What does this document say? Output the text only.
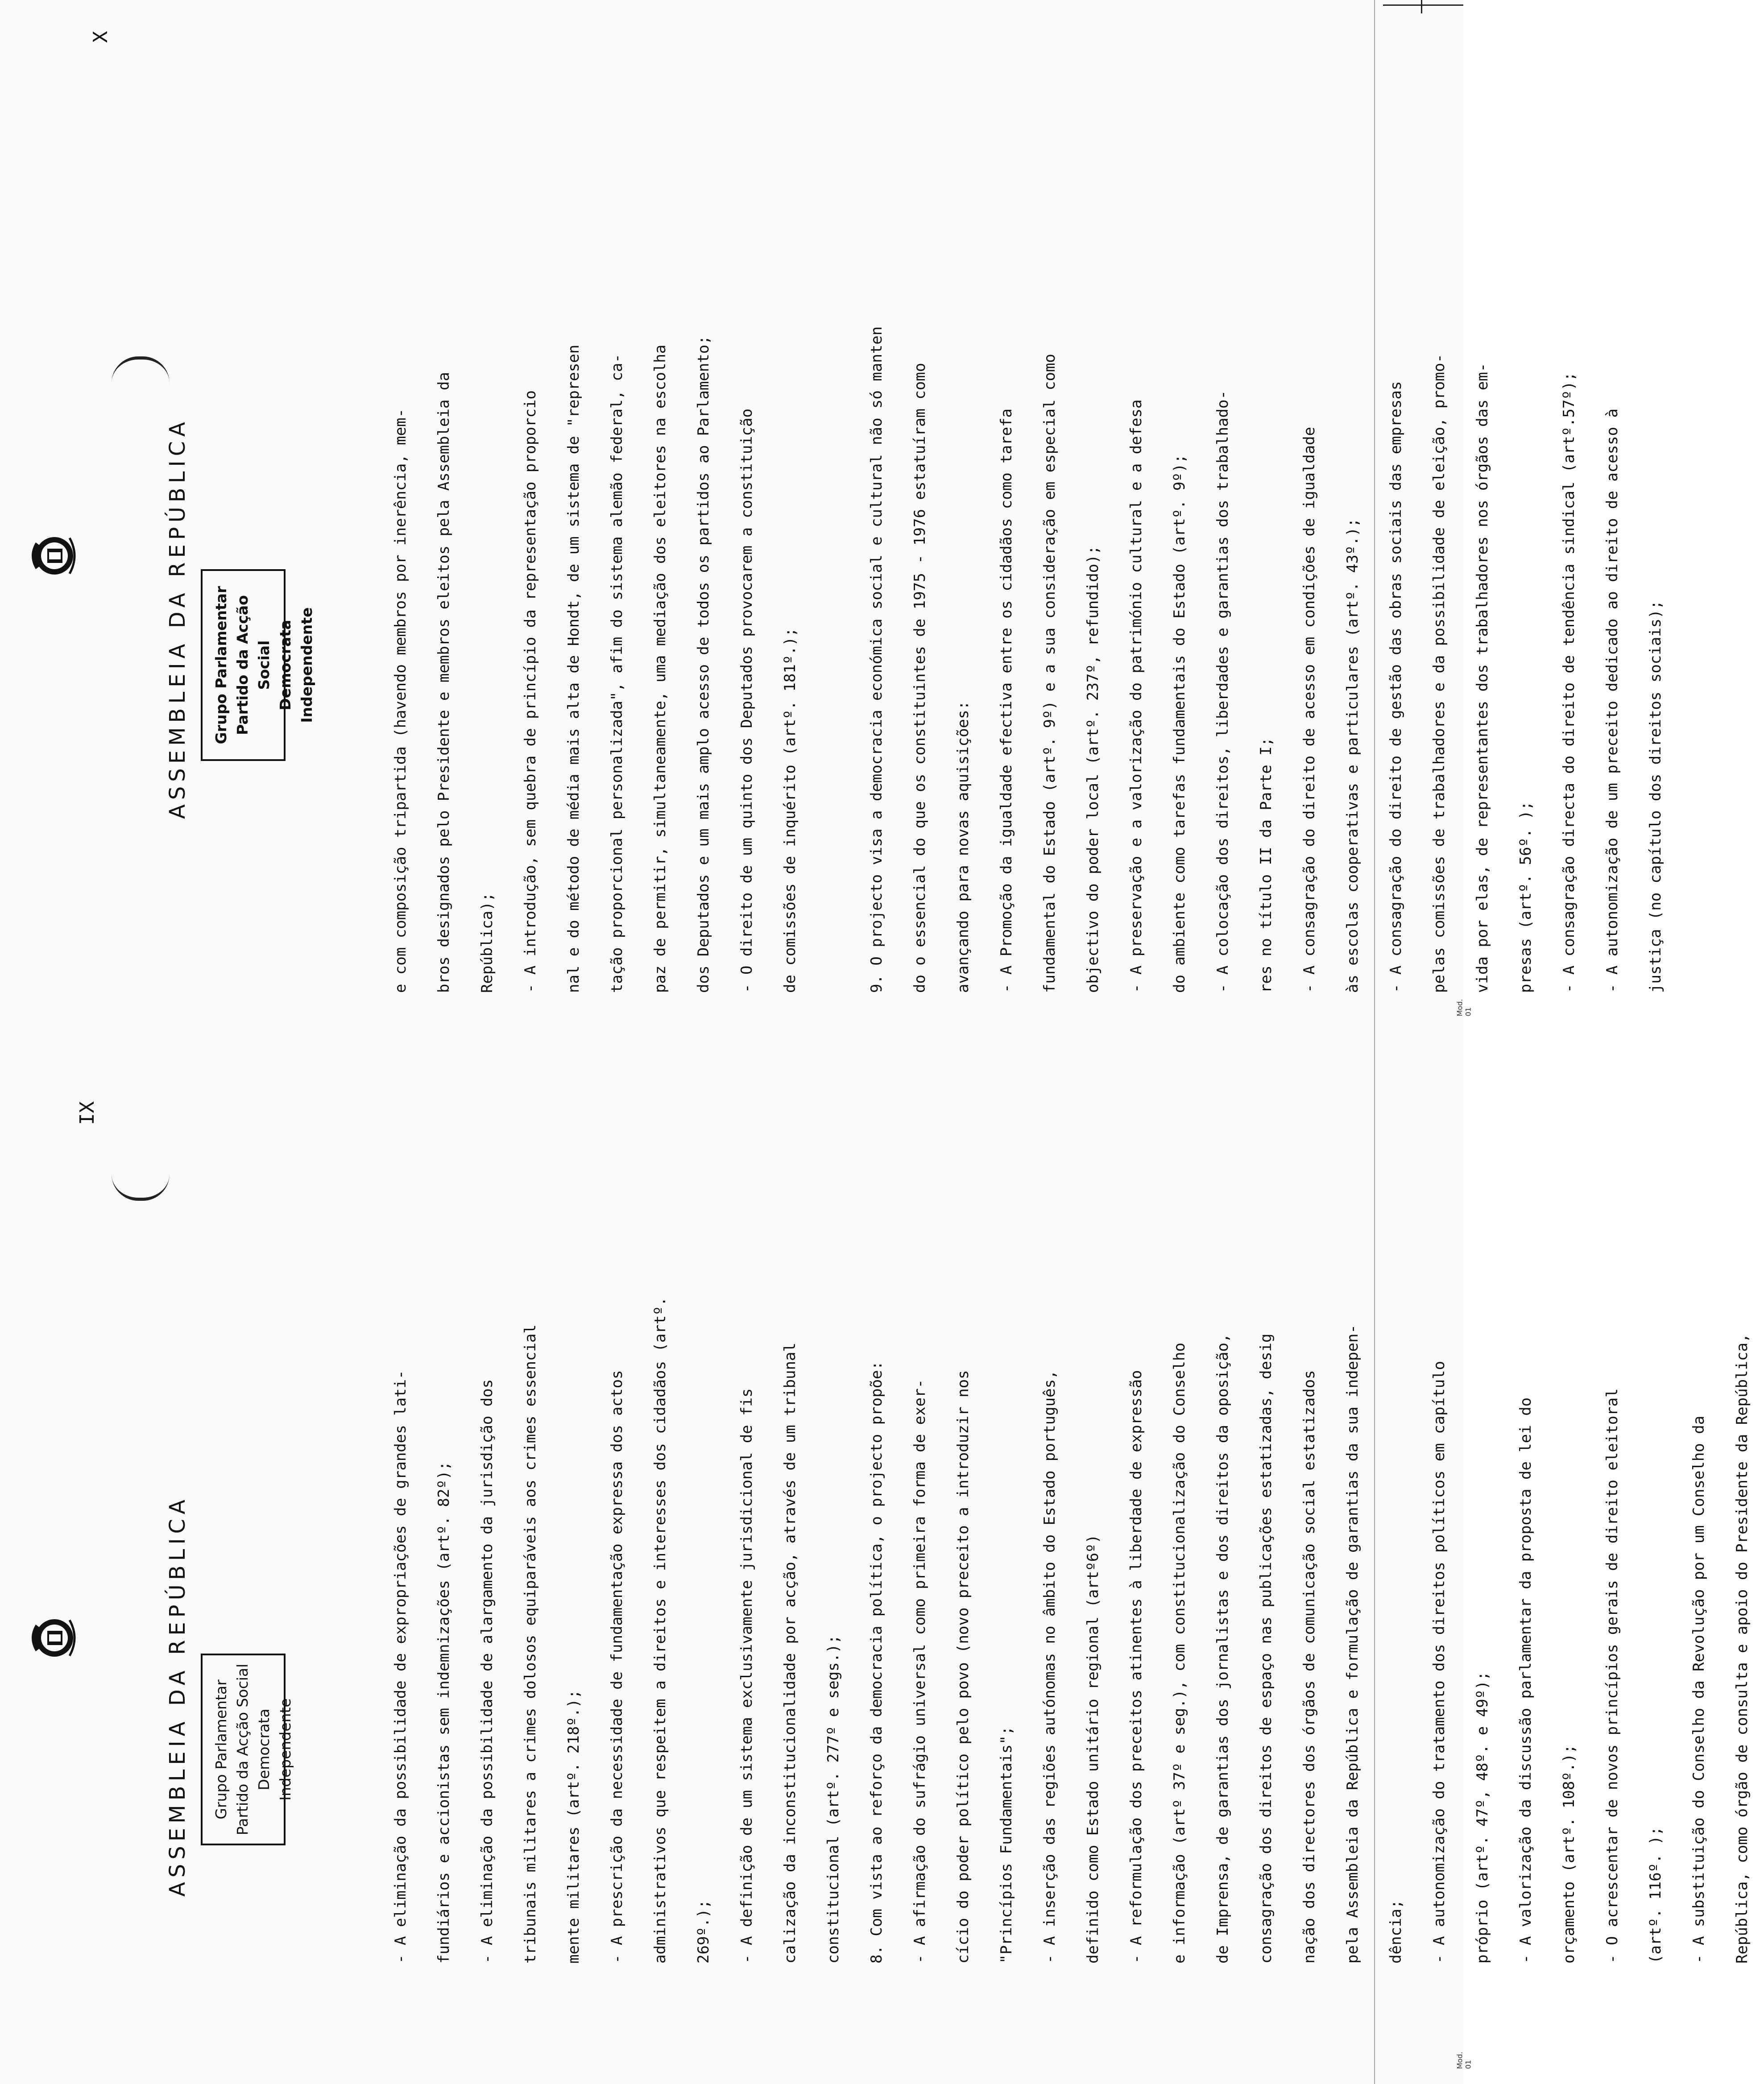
Mod. 01
Mod. 01
ASSEMBLEIA DA REPÚBLICA Grupo Parlamentar Partido da Acção Social Democrata Independente
IX
- A eliminação da possibilidade de expropriações de grandes lati-	fundiários e accionistas sem indemnizações (artº. 82º);	- A eliminação da possibilidade de alargamento da jurisdição dos	tribunais militares a crimes dolosos equiparáveis aos crimes essencial	mente militares (artº. 218º.);	- A prescrição da necessidade de fundamentação expressa dos actos	administrativos que respeitem a direitos e interesses dos cidadãos (artº.	269º.);	- A definição de um sistema exclusivamente jurisdicional de fis	calização da inconstitucionalidade por acção, através de um tribunal	constitucional (artº. 277º e segs.);	8. Com vista ao reforço da democracia política, o projecto propõe:	- A afirmação do sufrágio universal como primeira forma de exer-	cício do poder político pelo povo (novo preceito a introduzir nos	"Princípios Fundamentais";	- A inserção das regiões autónomas no âmbito do Estado português,	definido como Estado unitário regional (artº6º)	- A reformulação dos preceitos atinentes à liberdade de expressão	e informação (artº 37º e seg.), com constitucionalização do Conselho	de Imprensa, de garantias dos jornalistas e dos direitos da oposição,	consagração dos direitos de espaço nas publicações estatizadas, desig	nação dos directores dos órgãos de comunicação social estatizados	pela Assembleia da República e formulação de garantias da sua indepen-	dência;	- A autonomização do tratamento dos direitos políticos em capítulo	próprio (artº. 47º, 48º. e 49º);	- A valorização da discussão parlamentar da proposta de lei do	orçamento (artº. 108º.);	- O acrescentar de novos princípios gerais de direito eleitoral	(artº. 116º. );	- A substituição do Conselho da Revolução por um Conselho da	República, como órgão de consulta e apoio do Presidente da República,
ASSEMBLEIA DA REPÚBLICA Grupo Parlamentar Partido da Acção Social Democrata Independente
X
e com composição tripartida (havendo membros por inerência, mem-	bros designados pelo Presidente e membros eleitos pela Assembleia da	República);	- A introdução, sem quebra de princípio da representação proporcio	nal e do método de média mais alta de Hondt, de um sistema de "represen	tação proporcional personalizada", afim do sistema alemão federal, ca-	paz de permitir, simultaneamente, uma mediação dos eleitores na escolha	dos Deputados e um mais amplo acesso de todos os partidos ao Parlamento;	- O direito de um quinto dos Deputados provocarem a constituição	de comissões de inquérito (artº. 181º.);
	9. O projecto visa a democracia económica social e cultural não só manten	do o essencial do que os constituintes de 1975 - 1976 estatuíram como	avançando para novas aquisições:	- A Promoção da igualdade efectiva entre os cidadãos como tarefa	fundamental do Estado (artº. 9º) e a sua consideração em especial como	objectivo do poder local (artº. 237º, refundido);	- A preservação e a valorização do património cultural e a defesa	do ambiente como tarefas fundamentais do Estado (artº. 9º);	- A colocação dos direitos, liberdades e garantias dos trabalhado-	res no título II da Parte I;	- A consagração do direito de acesso em condições de igualdade	às escolas cooperativas e particulares (artº. 43º.);	- A consagração do direito de gestão das obras sociais das empresas	pelas comissões de trabalhadores e da possibilidade de eleição, promo-	vida por elas, de representantes dos trabalhadores nos órgãos das em-	presas (artº. 56º. );	- A consagração directa do direito de tendência sindical (artº.57º);	- A autonomização de um preceito dedicado ao direito de acesso à	justiça (no capítulo dos direitos sociais);
